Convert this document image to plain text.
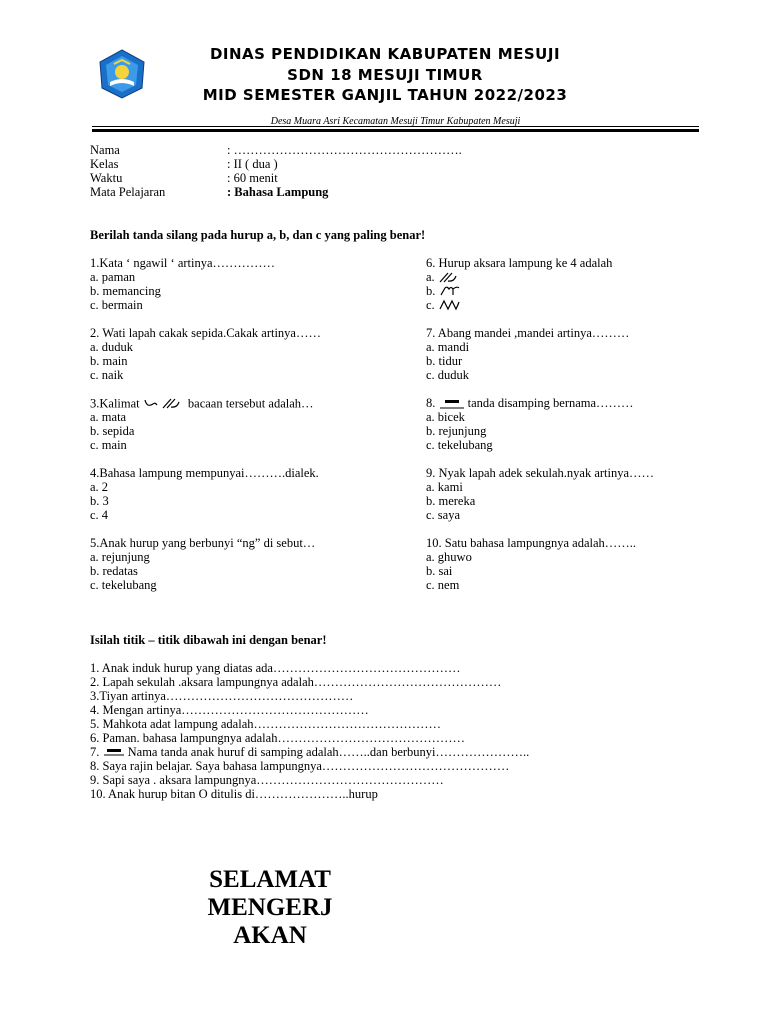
DINAS PENDIDIKAN KABUPATEN MESUJI
SDN 18 MESUJI TIMUR
MID SEMESTER GANJIL TAHUN 2022/2023
Desa Muara Asri Kecamatan Mesuji Timur Kabupaten Mesuji
Nama	: ……………………………………………….
Kelas	: II ( dua )
Waktu	: 60 menit
Mata Pelajaran	: Bahasa Lampung
Berilah tanda silang pada hurup a, b, dan c yang paling benar!
1.Kata ‘ ngawil ‘ artinya……………
a. paman
b. memancing
c. bermain
2. Wati lapah cakak sepida.Cakak artinya……
a. duduk
b. main
c. naik
3.Kalimat	bacaan tersebut adalah…
a. mata
b. sepida
c. main
4.Bahasa lampung mempunyai……….dialek.
a. 2
b. 3
c. 4
5.Anak hurup yang berbunyi “ng” di sebut…
a. rejunjung
b. redatas
c. tekelubang
6. Hurup aksara lampung ke 4 adalah
a.
b.
c.
7. Abang mandei ,mandei artinya………
a. mandi
b. tidur
c. duduk
8.	tanda disamping bernama………
a. bicek
b. rejunjung
c. tekelubang
9. Nyak lapah adek sekulah.nyak artinya……
a. kami
b. mereka
c. saya
10. Satu bahasa lampungnya adalah……..
a. ghuwo
b. sai
c. nem
Isilah titik – titik dibawah ini dengan benar!
1. Anak induk hurup yang diatas ada………………………………………
2. Lapah sekulah .aksara lampungnya adalah………………………………………
3.Tiyan artinya………………………………………
4. Mengan artinya………………………………………
5. Mahkota adat lampung adalah………………………………………
6. Paman. bahasa lampungnya adalah………………………………………
7. Nama tanda anak huruf di samping adalah……..dan berbunyi…………………..
8. Saya rajin belajar. Saya bahasa lampungnya………………………………………
9. Sapi saya . aksara lampungnya………………………………………
10. Anak hurup bitan O ditulis di…………………..hurup
SELAMAT
MENGERJ
AKAN
